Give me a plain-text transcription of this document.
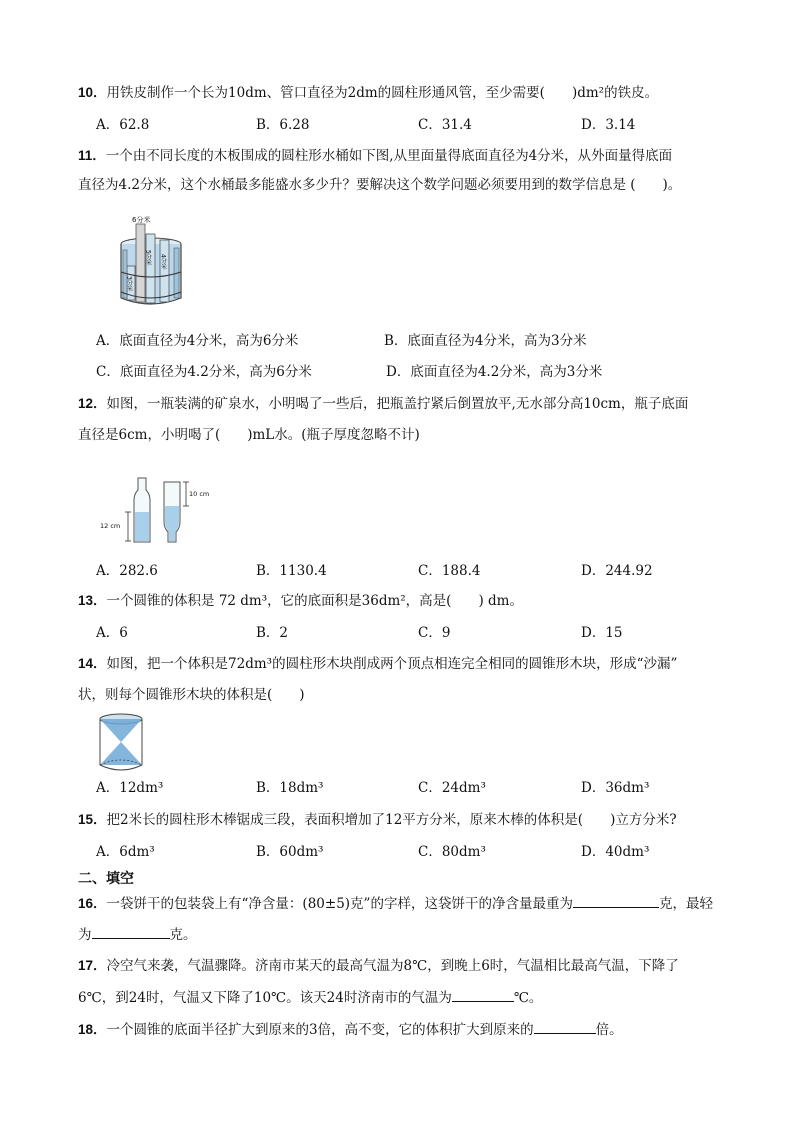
10．用铁皮制作一个长为10dm、管口直径为2dm的圆柱形通风管，至少需要(　　)dm²的铁皮。
A．62.8	B．6.28	C．31.4	D．3.14
11．一个由不同长度的木板围成的圆柱形水桶如下图,从里面量得底面直径为4分米，从外面量得底面
直径为4.2分米，这个水桶最多能盛水多少升？要解决这个数学问题必须要用到的数学信息是 (　　)。
6分米
5分米 4分米
3分米
A．底面直径为4分米，高为6分米	B．底面直径为4分米，高为3分米
C．底面直径为4.2分米，高为6分米	D．底面直径为4.2分米，高为3分米
12．如图，一瓶装满的矿泉水，小明喝了一些后，把瓶盖拧紧后倒置放平,无水部分高10cm，瓶子底面
直径是6cm，小明喝了(　　)mL水。(瓶子厚度忽略不计)
12 cm
10 cm
A．282.6	B．1130.4	C．188.4	D．244.92
13．一个圆锥的体积是 72 dm³，它的底面积是36dm²，高是(　　) dm。
A．6	B．2	C．9	D．15
14．如图，把一个体积是72dm³的圆柱形木块削成两个顶点相连完全相同的圆锥形木块，形成“沙漏”
状，则每个圆锥形木块的体积是(　　)
A．12dm³	B．18dm³	C．24dm³	D．36dm³
15．把2米长的圆柱形木棒锯成三段，表面积增加了12平方分米，原来木棒的体积是(　　)立方分米?
A．6dm³	B．60dm³	C．80dm³	D．40dm³
二、填空
16．一袋饼干的包装袋上有“净含量：(80±5)克”的字样，这袋饼干的净含量最重为	克，最轻
为	克。
17．冷空气来袭，气温骤降。济南市某天的最高气温为8℃，到晚上6时，气温相比最高气温，下降了
6℃，到24时，气温又下降了10℃。该天24时济南市的气温为	℃。
18．一个圆锥的底面半径扩大到原来的3倍，高不变，它的体积扩大到原来的	倍。
